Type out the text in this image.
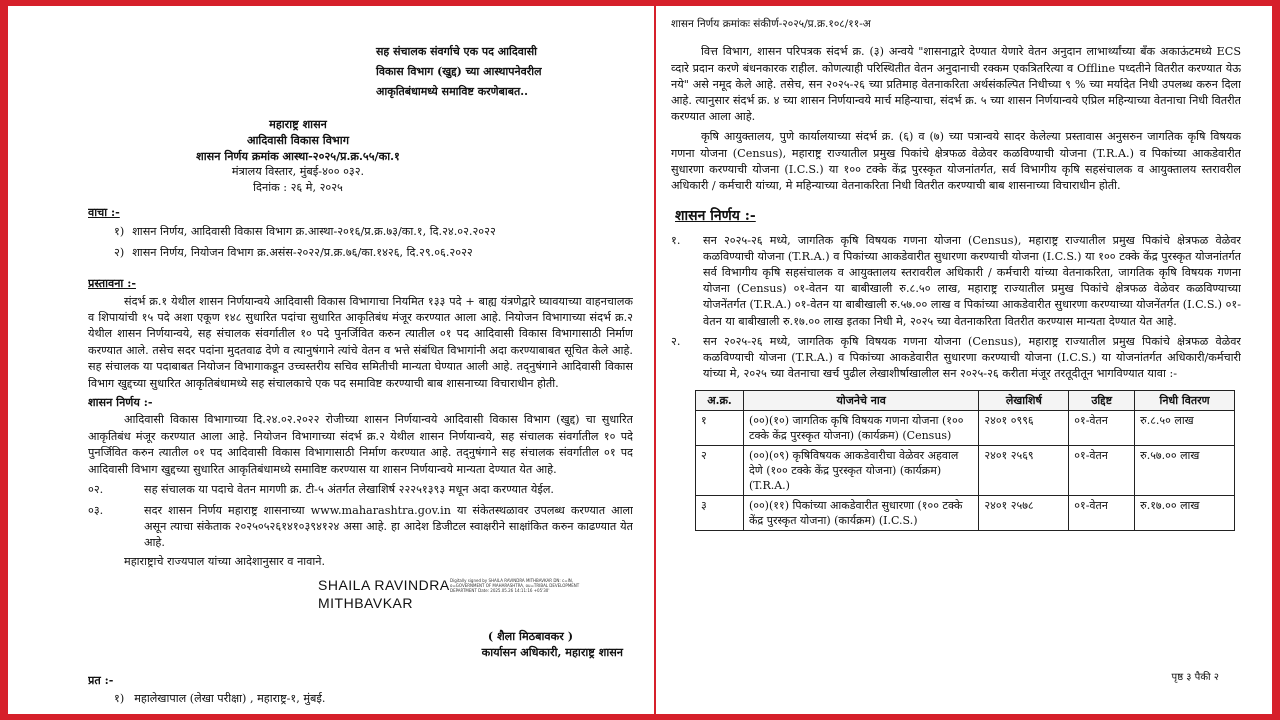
सह संचालक संवर्गाचे एक पद आदिवासी
विकास विभाग (खुद्द) च्या आस्थापनेवरील
आकृतिबंधामध्ये समाविष्ट करणेबाबत..
महाराष्ट्र शासन
आदिवासी विकास विभाग
शासन निर्णय क्रमांक आस्था-२०२५/प्र.क्र.५५/का.१
मंत्रालय विस्तार, मुंबई-४०० ०३२.
दिनांक : २६ मे, २०२५
वाचा :-
१) शासन निर्णय, आदिवासी विकास विभाग क्र.आस्था-२०१६/प्र.क्र.७३/का.१, दि.२४.०२.२०२२
२) शासन निर्णय, नियोजन विभाग क्र.असंस-२०२२/प्र.क्र.७६/का.१४२६, दि.२९.०६.२०२२
प्रस्तावना :-
संदर्भ क्र.१ येथील शासन निर्णयान्वये आदिवासी विकास विभागाचा नियमित १३३ पदे + बाह्य यंत्रणेद्वारे घ्यावयाच्या वाहनचालक व शिपायांची १५ पदे अशा एकूण १४८ सुधारित पदांचा सुधारित आकृतिबंध मंजूर करण्यात आला आहे. नियोजन विभागाच्या संदर्भ क्र.२ येथील शासन निर्णयान्वये, सह संचालक संवर्गातील १० पदे पुनर्जिवित करुन त्यातील ०१ पद आदिवासी विकास विभागासाठी निर्माण करण्यात आले. तसेच सदर पदांना मुदतवाढ देणे व त्यानुषंगाने त्यांचे वेतन व भत्ते संबंधित विभागांनी अदा करण्याबाबत सूचित केले आहे. सह संचालक या पदाबाबत नियोजन विभागाकडून उच्चस्तरीय सचिव समितीची मान्यता घेण्यात आली आहे. तद्नुषंगाने आदिवासी विकास विभाग खुद्दच्या सुधारित आकृतिबंधामध्ये सह संचालकाचे एक पद समाविष्ट करण्याची बाब शासनाच्या विचाराधीन होती.
शासन निर्णय :-
आदिवासी विकास विभागाच्या दि.२४.०२.२०२२ रोजीच्या शासन निर्णयान्वये आदिवासी विकास विभाग (खुद्द) चा सुधारित आकृतिबंध मंजूर करण्यात आला आहे. नियोजन विभागाच्या संदर्भ क्र.२ येथील शासन निर्णयान्वये, सह संचालक संवर्गातील १० पदे पुनर्जिवित करुन त्यातील ०१ पद आदिवासी विकास विभागासाठी निर्माण करण्यात आहे. तद्नुषंगाने सह संचालक संवर्गातील ०१ पद आदिवासी विभाग खुद्दच्या सुधारित आकृतिबंधामध्ये समाविष्ट करण्यास या शासन निर्णयान्वये मान्यता देण्यात येत आहे.
०२.	सह संचालक या पदाचे वेतन मागणी क्र. टी-५ अंतर्गत लेखाशिर्ष २२२५१३९३ मधून अदा करण्यात येईल.
०३.	सदर शासन निर्णय महाराष्ट्र शासनाच्या www.maharashtra.gov.in या संकेतस्थळावर उपलब्ध करण्यात आला असून त्याचा संकेताक २०२५०५२६१४१०३९४१२४ असा आहे. हा आदेश डिजीटल स्वाक्षरीने साक्षांकित करुन काढण्यात येत आहे.
महाराष्ट्राचे राज्यपाल यांच्या आदेशानुसार व नावाने.
SHAILA RAVINDRA
MITHBAVKAR
Digitally signed by SHAILA RAVINDRA MITHBAVKAR DN: c=IN, o=GOVERNMENT OF MAHARASHTRA, ou=TRIBAL DEVELOPMENT DEPARTMENT Date: 2025.05.26 14:11:16 +05'30'
( शैला मिठबावकर )
कार्यासन अधिकारी, महाराष्ट्र शासन
प्रत :-
१) महालेखापाल (लेखा परीक्षा) , महाराष्ट्र-१, मुंबई.
शासन निर्णय क्रमांकः संकीर्ण-२०२५/प्र.क्र.१०८/११-अ
वित्त विभाग, शासन परिपत्रक संदर्भ क्र. (३) अन्वये "शासनाद्वारे देण्यात येणारे वेतन अनुदान लाभार्थ्यांच्या बँक अकाऊंटमध्ये ECS व्दारे प्रदान करणे बंधनकारक राहील. कोणत्याही परिस्थितीत वेतन अनुदानाची रक्कम एकत्रितरित्या व Offline पध्दतीने वितरीत करण्यात येऊ नये" असे नमूद केले आहे. तसेच, सन २०२५-२६ च्या प्रतिमाह वेतनाकरिता अर्थसंकल्पित निधीच्या ९ % च्या मर्यादेत निधी उपलब्ध करुन दिला आहे. त्यानुसार संदर्भ क्र. ४ च्या शासन निर्णयान्वये मार्च महिन्याचा, संदर्भ क्र. ५ च्या शासन निर्णयान्वये एप्रिल महिन्याच्या वेतनाचा निधी वितरीत करण्यात आला आहे.
कृषि आयुक्तालय, पुणे कार्यालयाच्या संदर्भ क्र. (६) व (७) च्या पत्रान्वये सादर केलेल्या प्रस्तावास अनुसरुन जागतिक कृषि विषयक गणना योजना (Census), महाराष्ट्र राज्यातील प्रमुख पिकांचे क्षेत्रफळ वेळेवर कळविण्याची योजना (T.R.A.) व पिकांच्या आकडेवारीत सुधारणा करण्याची योजना (I.C.S.) या १०० टक्के केंद्र पुरस्कृत योजनांतर्गत, सर्व विभागीय कृषि सहसंचालक व आयुक्तालय स्तरावरील अधिकारी / कर्मचारी यांच्या, मे महिन्याच्या वेतनाकरिता निधी वितरीत करण्याची बाब शासनाच्या विचाराधीन होती.
शासन निर्णय :-
१.	सन २०२५-२६ मध्ये, जागतिक कृषि विषयक गणना योजना (Census), महाराष्ट्र राज्यातील प्रमुख पिकांचे क्षेत्रफळ वेळेवर कळविण्याची योजना (T.R.A.) व पिकांच्या आकडेवारीत सुधारणा करण्याची योजना (I.C.S.) या १०० टक्के केंद्र पुरस्कृत योजनांतर्गत सर्व विभागीय कृषि सहसंचालक व आयुक्तालय स्तरावरील अधिकारी / कर्मचारी यांच्या वेतनाकरिता, जागतिक कृषि विषयक गणना योजना (Census) ०१-वेतन या बाबीखाली रु.८.५० लाख, महाराष्ट्र राज्यातील प्रमुख पिकांचे क्षेत्रफळ वेळेवर कळविण्याच्या योजनेंतर्गत (T.R.A.) ०१-वेतन या बाबीखाली रु.५७.०० लाख व पिकांच्या आकडेवारीत सुधारणा करण्याच्या योजनेंतर्गत (I.C.S.) ०१-वेतन या बाबीखाली रु.१७.०० लाख इतका निधी मे, २०२५ च्या वेतनाकरिता वितरीत करण्यास मान्यता देण्यात येत आहे.
२.	सन २०२५-२६ मध्ये, जागतिक कृषि विषयक गणना योजना (Census), महाराष्ट्र राज्यातील प्रमुख पिकांचे क्षेत्रफळ वेळेवर कळविण्याची योजना (T.R.A.) व पिकांच्या आकडेवारीत सुधारणा करण्याची योजना (I.C.S.) या योजनांतर्गत अधिकारी/कर्मचारी यांच्या मे, २०२५ च्या वेतनाचा खर्च पुढील लेखाशीर्षाखालील सन २०२५-२६ करीता मंजूर तरतूदीतून भागविण्यात यावा :-
अ.क्र.	योजनेचे नाव	लेखाशिर्ष	उद्दिष्ट	निधी वितरण
१	(००)(१०) जागतिक कृषि विषयक गणना योजना (१०० टक्के केंद्र पुरस्कृत योजना) (कार्यक्रम) (Census)	२४०१ ०९९६	०१-वेतन	रु.८.५० लाख
२	(००)(०९) कृषिविषयक आकडेवारीचा वेळेवर अहवाल देणे (१०० टक्के केंद्र पुरस्कृत योजना) (कार्यक्रम) (T.R.A.)	२४०१ २५६९	०१-वेतन	रु.५७.०० लाख
३	(००)(११) पिकांच्या आकडेवारीत सुधारणा (१०० टक्के केंद्र पुरस्कृत योजना) (कार्यक्रम) (I.C.S.)	२४०१ २५७८	०१-वेतन	रु.१७.०० लाख
पृष्ठ ३ पैकी २
